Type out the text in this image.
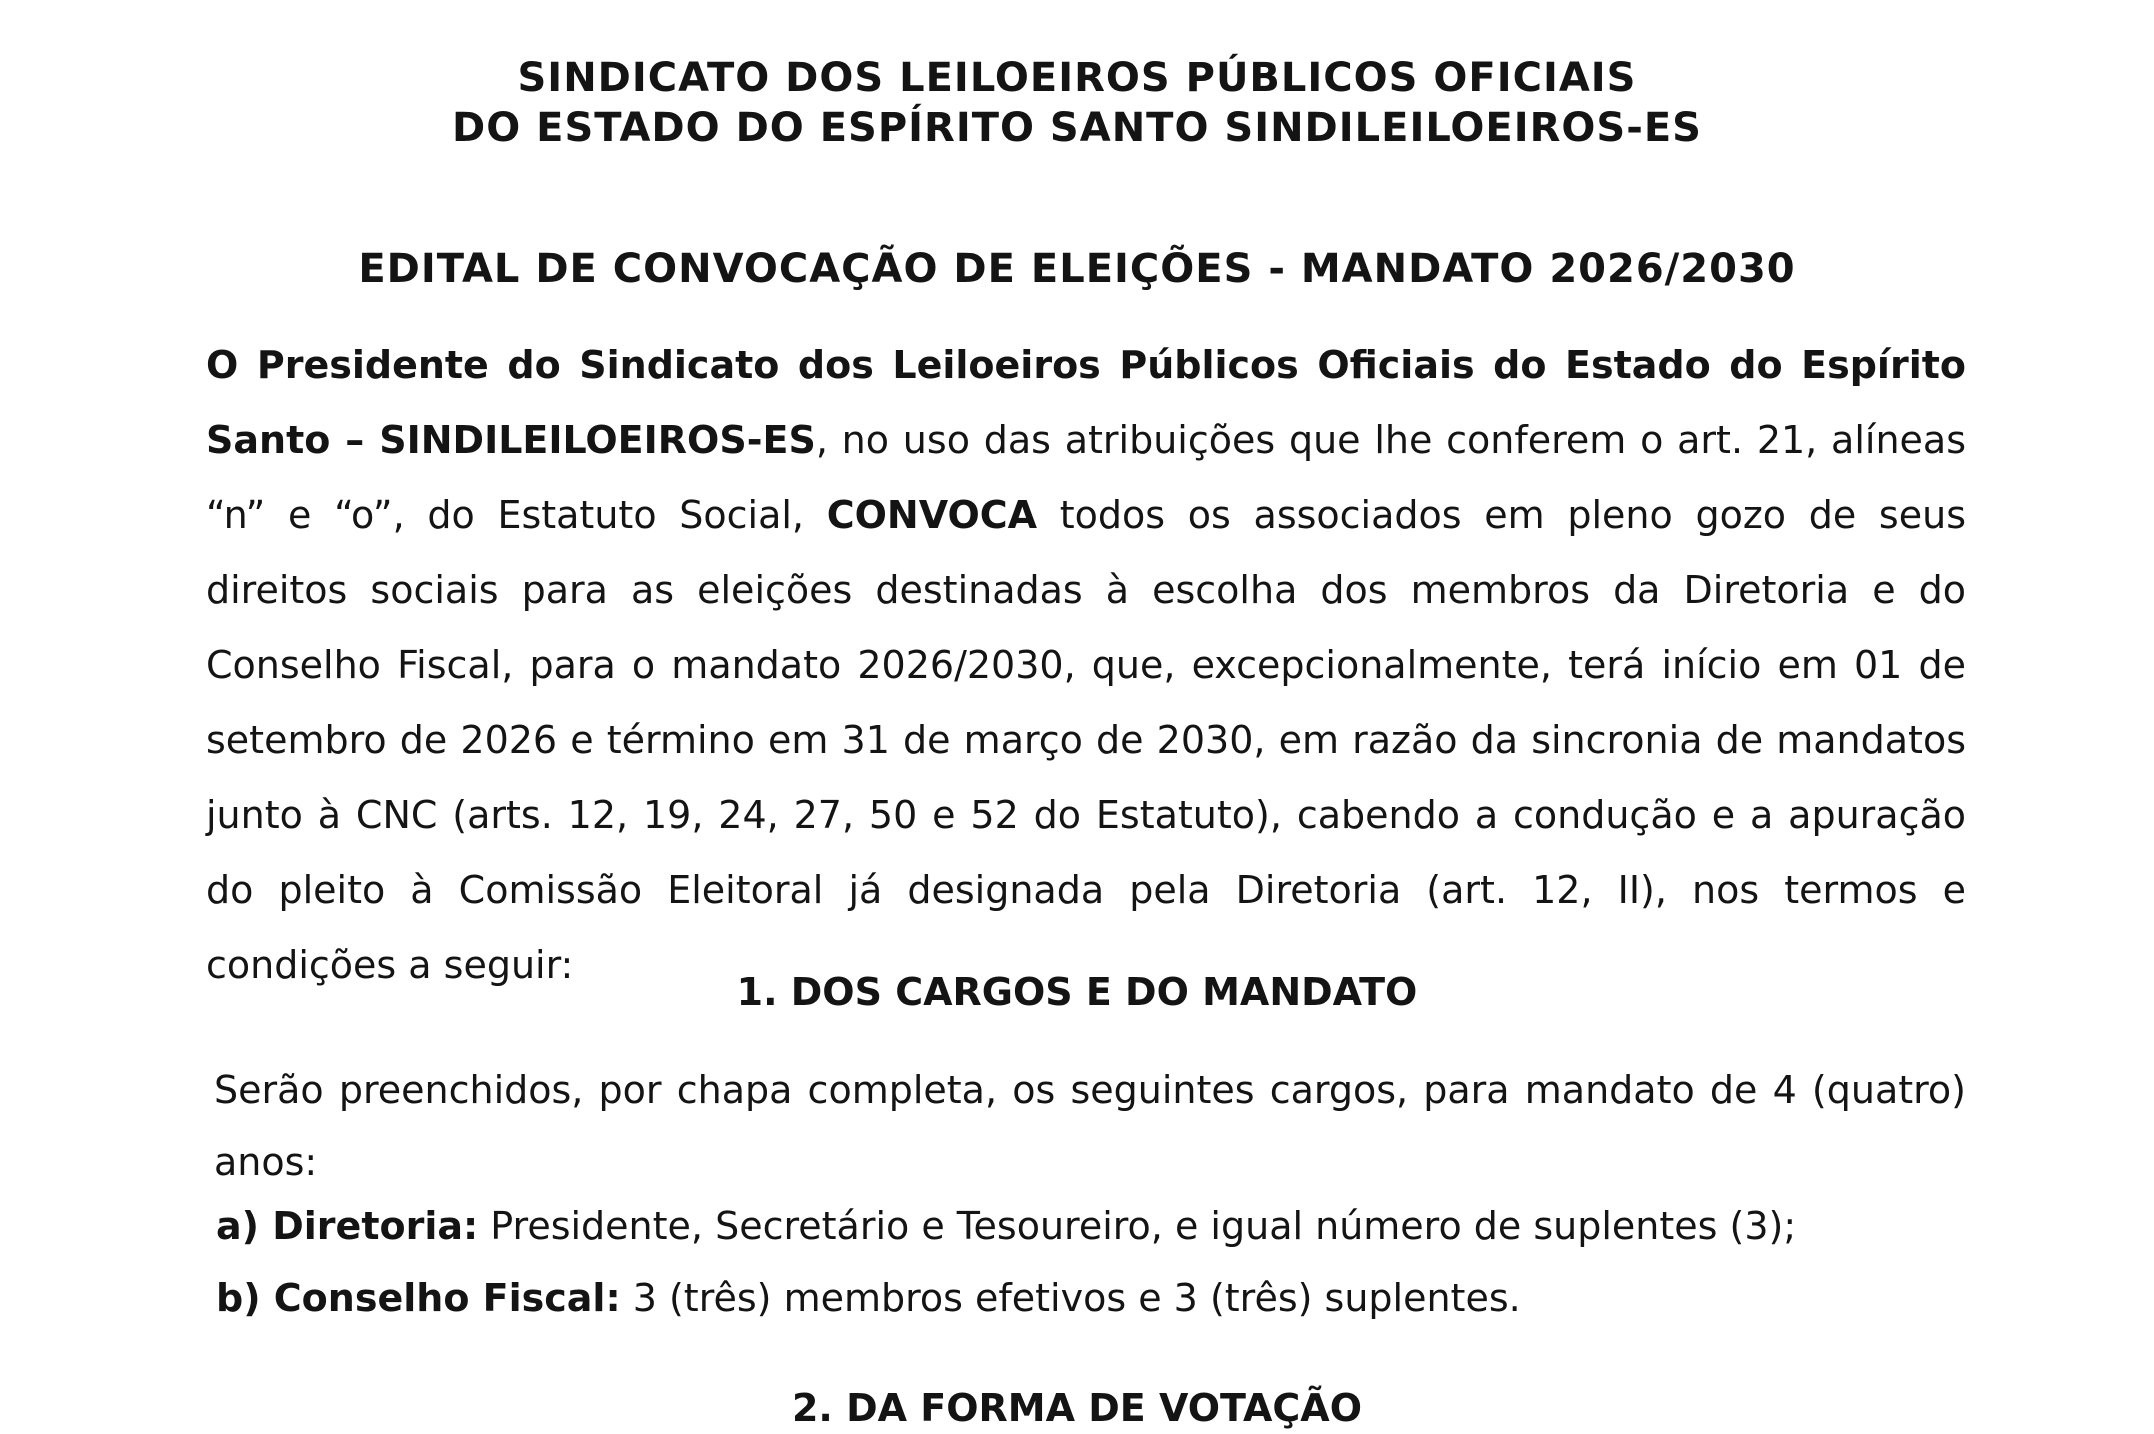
SINDICATO DOS LEILOEIROS PÚBLICOS OFICIAIS
DO ESTADO DO ESPÍRITO SANTO SINDILEILOEIROS-ES
EDITAL DE CONVOCAÇÃO DE ELEIÇÕES - MANDATO 2026/2030
O Presidente do Sindicato dos Leiloeiros Públicos Oficiais do Estado do Espírito Santo – SINDILEILOEIROS-ES, no uso das atribuições que lhe conferem o art. 21, alíneas “n” e “o”, do Estatuto Social, CONVOCA todos os associados em pleno gozo de seus direitos sociais para as eleições destinadas à escolha dos membros da Diretoria e do Conselho Fiscal, para o mandato 2026/2030, que, excepcionalmente, terá início em 01 de setembro de 2026 e término em 31 de março de 2030, em razão da sincronia de mandatos junto à CNC (arts. 12, 19, 24, 27, 50 e 52 do Estatuto), cabendo a condução e a apuração do pleito à Comissão Eleitoral já designada pela Diretoria (art. 12, II), nos termos e condições a seguir:
1. DOS CARGOS E DO MANDATO
Serão preenchidos, por chapa completa, os seguintes cargos, para mandato de 4 (quatro) anos:
a) Diretoria: Presidente, Secretário e Tesoureiro, e igual número de suplentes (3);
b) Conselho Fiscal: 3 (três) membros efetivos e 3 (três) suplentes.
2. DA FORMA DE VOTAÇÃO
